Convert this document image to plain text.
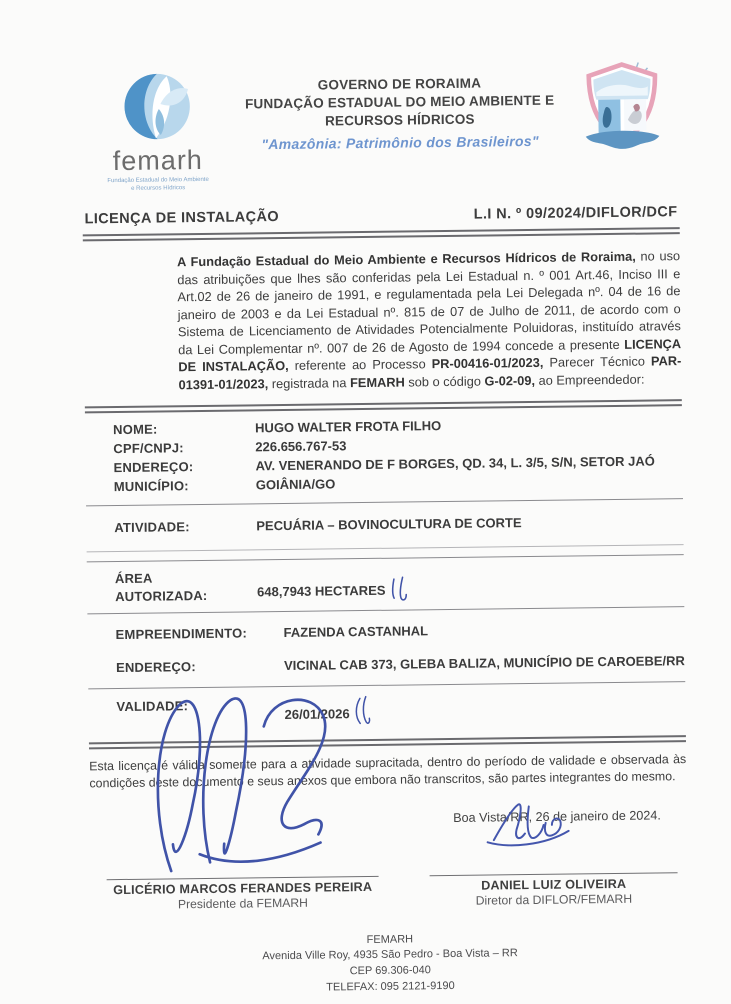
femarh
Fundação Estadual do Meio Ambiente
e Recursos Hídricos
GOVERNO DE RORAIMA
FUNDAÇÃO ESTADUAL DO MEIO AMBIENTE E
RECURSOS HÍDRICOS
"Amazônia: Patrimônio dos Brasileiros"
LICENÇA DE INSTALAÇÃO	L.I N. º 09/2024/DIFLOR/DCF

A Fundação Estadual do Meio Ambiente e Recursos Hídricos de Roraima, no uso das atribuições que lhes são conferidas pela Lei Estadual n. º 001 Art.46, Inciso III e Art.02 de 26 de janeiro de 1991, e regulamentada pela Lei Delegada nº. 04 de 16 de janeiro de 2003 e da Lei Estadual nº. 815 de 07 de Julho de 2011, de acordo com o Sistema de Licenciamento de Atividades Potencialmente Poluidoras, instituído através da Lei Complementar nº. 007 de 26 de Agosto de 1994 concede a presente LICENÇA DE INSTALAÇÃO, referente ao Processo PR-00416-01/2023, Parecer Técnico PAR-01391-01/2023, registrada na FEMARH sob o código G-02-09, ao Empreendedor:

NOME:	HUGO WALTER FROTA FILHO
CPF/CNPJ:	226.656.767-53
ENDEREÇO:	AV. VENERANDO DE F BORGES, QD. 34, L. 3/5, S/N, SETOR JAÓ
MUNICÍPIO:	GOIÂNIA/GO
ATIVIDADE:	PECUÁRIA – BOVINOCULTURA DE CORTE
ÁREA
AUTORIZADA:	648,7943 HECTARES
EMPREENDIMENTO:	FAZENDA CASTANHAL
ENDEREÇO:	VICINAL CAB 373, GLEBA BALIZA, MUNICÍPIO DE CAROEBE/RR
VALIDADE:
26/01/2026

Esta licença é válida somente para a atividade supracitada, dentro do período de validade e observada às condições deste documento e seus anexos que embora não transcritos, são partes integrantes do mesmo.

Boa Vista/RR, 26 de janeiro de 2024.
GLICÉRIO MARCOS FERANDES PEREIRA
Presidente da FEMARH
DANIEL LUIZ OLIVEIRA
Diretor da DIFLOR/FEMARH
FEMARH
Avenida Ville Roy, 4935 São Pedro - Boa Vista – RR
CEP 69.306-040
TELEFAX: 095 2121-9190
